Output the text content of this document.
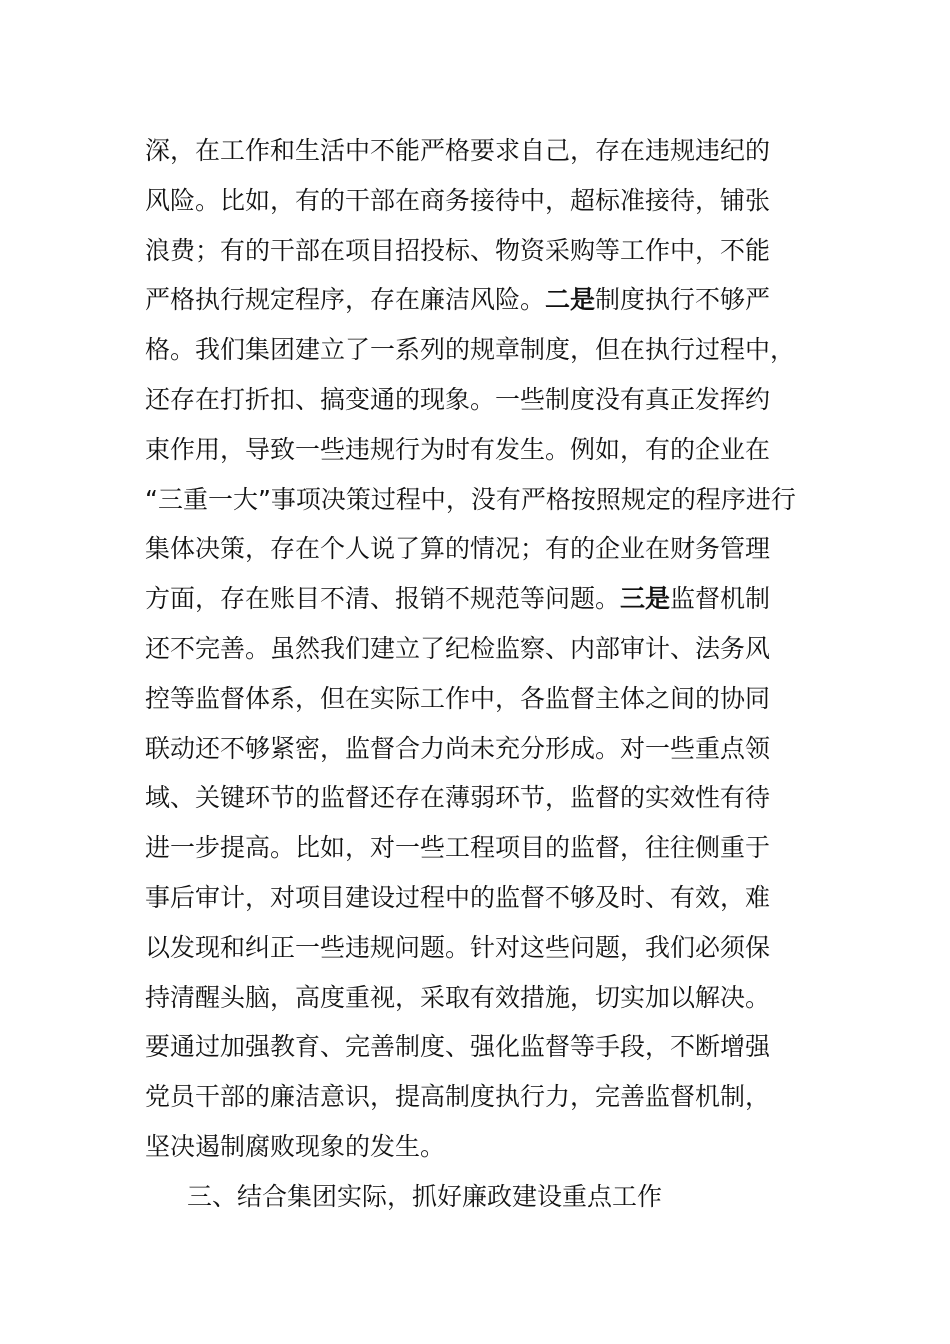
深，在工作和生活中不能严格要求自己，存在违规违纪的
风险。比如，有的干部在商务接待中，超标准接待，铺张
浪费；有的干部在项目招投标、物资采购等工作中，不能
严格执行规定程序，存在廉洁风险。二是制度执行不够严
格。我们集团建立了一系列的规章制度，但在执行过程中，
还存在打折扣、搞变通的现象。一些制度没有真正发挥约
束作用，导致一些违规行为时有发生。例如，有的企业在
“三重一大”事项决策过程中，没有严格按照规定的程序进行
集体决策，存在个人说了算的情况；有的企业在财务管理
方面，存在账目不清、报销不规范等问题。三是监督机制
还不完善。虽然我们建立了纪检监察、内部审计、法务风
控等监督体系，但在实际工作中，各监督主体之间的协同
联动还不够紧密，监督合力尚未充分形成。对一些重点领
域、关键环节的监督还存在薄弱环节，监督的实效性有待
进一步提高。比如，对一些工程项目的监督，往往侧重于
事后审计，对项目建设过程中的监督不够及时、有效，难
以发现和纠正一些违规问题。针对这些问题，我们必须保
持清醒头脑，高度重视，采取有效措施，切实加以解决。
要通过加强教育、完善制度、强化监督等手段，不断增强
党员干部的廉洁意识，提高制度执行力，完善监督机制，
坚决遏制腐败现象的发生。
三、结合集团实际，抓好廉政建设重点工作
